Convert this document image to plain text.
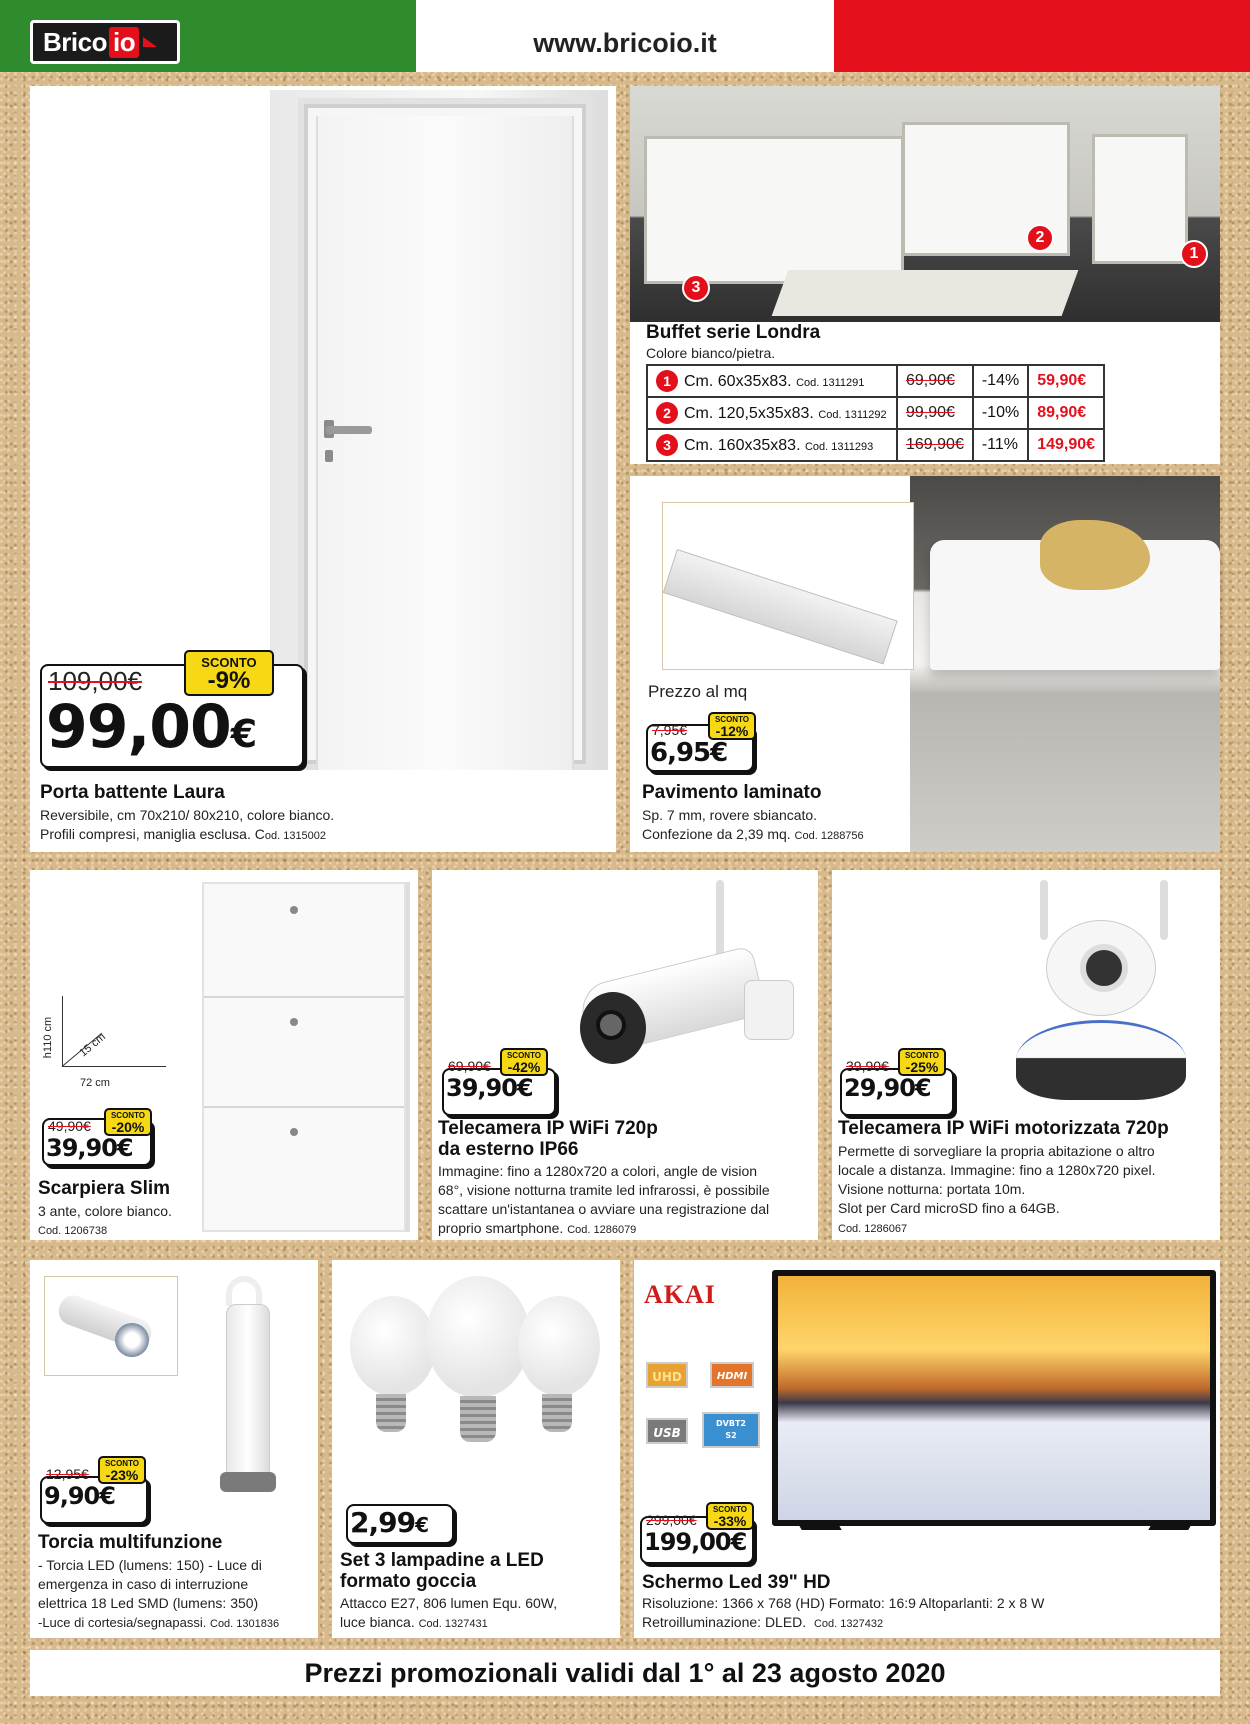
Brico io	www.bricoio.it
109,00€
SCONTO
-9%
99,00€
Porta battente Laura
Reversibile, cm 70x210/ 80x210, colore bianco.
Profili compresi, maniglia esclusa. Cod. 1315002
1
2
3
Buffet serie Londra
Colore bianco/pietra.
1 Cm. 60x35x83. Cod. 1311291	69,90€	-14%	59,90€
2 Cm. 120,5x35x83. Cod. 1311292	99,90€	-10%	89,90€
3 Cm. 160x35x83. Cod. 1311293	169,90€	-11%	149,90€
Prezzo al mq
7,95€
SCONTO
-12%
6,95€
Pavimento laminato
Sp. 7 mm, rovere sbiancato.
Confezione da 2,39 mq. Cod. 1288756
h110 cm	15 cm
72 cm
49,90€
SCONTO
-20%
39,90€
Scarpiera Slim
3 ante, colore bianco.
Cod. 1206738
69,90€
SCONTO
-42%
39,90€
Telecamera IP WiFi 720p
da esterno IP66
Immagine: fino a 1280x720 a colori, angle de vision
68°, visione notturna tramite led infrarossi, è possibile
scattare un'istantanea o avviare una registrazione dal
proprio smartphone. Cod. 1286079
39,90€
SCONTO
-25%
29,90€
Telecamera IP WiFi motorizzata 720p
Permette di sorvegliare la propria abitazione o altro
locale a distanza. Immagine: fino a 1280x720 pixel.
Visione notturna: portata 10m.
Slot per Card microSD fino a 64GB.
Cod. 1286067
12,95€
SCONTO
-23%
9,90€
Torcia multifunzione
- Torcia LED (lumens: 150) - Luce di
emergenza in caso di interruzione
elettrica 18 Led SMD (lumens: 350)
-Luce di cortesia/segnapassi. Cod. 1301836
2,99€
Set 3 lampadine a LED
formato goccia
Attacco E27, 806 lumen Equ. 60W,
luce bianca. Cod. 1327431
AKAI
UHD	HDMI
USB
DVBT2
S2
299,00€
SCONTO
-33%
199,00€
Schermo Led 39" HD
Risoluzione: 1366 x 768 (HD) Formato: 16:9 Altoparlanti: 2 x 8 W
Retroilluminazione: DLED. Cod. 1327432
Prezzi promozionali validi dal 1° al 23 agosto 2020
